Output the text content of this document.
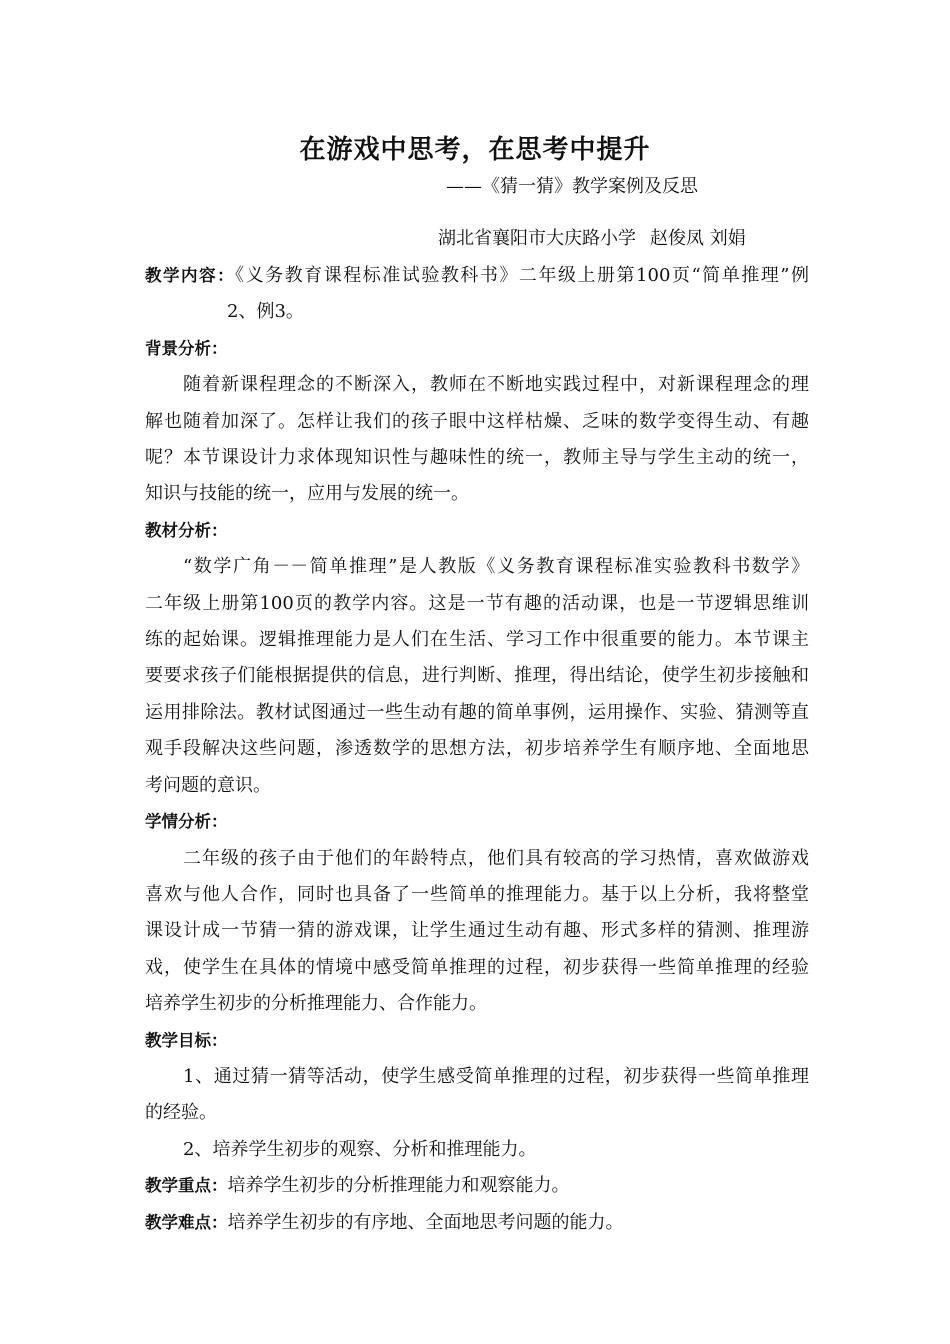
在游戏中思考，在思考中提升
——《猜一猜》教学案例及反思
湖北省襄阳市大庆路小学 赵俊凤 刘娟
教学内容：《义务教育课程标准试验教科书》二年级上册第100页“简单推理”例
2、例3。
背景分析：

随着新课程理念的不断深入，教师在不断地实践过程中，对新课程理念的理

解也随着加深了。怎样让我们的孩子眼中这样枯燥、乏味的数学变得生动、有趣

呢？本节课设计力求体现知识性与趣味性的统一，教师主导与学生主动的统一，

知识与技能的统一，应用与发展的统一。

教材分析：

“数学广角－－简单推理”是人教版《义务教育课程标准实验教科书数学》

二年级上册第100页的教学内容。这是一节有趣的活动课，也是一节逻辑思维训

练的起始课。逻辑推理能力是人们在生活、学习工作中很重要的能力。本节课主

要要求孩子们能根据提供的信息，进行判断、推理，得出结论，使学生初步接触和

运用排除法。教材试图通过一些生动有趣的简单事例，运用操作、实验、猜测等直

观手段解决这些问题，渗透数学的思想方法，初步培养学生有顺序地、全面地思

考问题的意识。

学情分析：

二年级的孩子由于他们的年龄特点，他们具有较高的学习热情，喜欢做游戏

喜欢与他人合作，同时也具备了一些简单的推理能力。基于以上分析，我将整堂

课设计成一节猜一猜的游戏课，让学生通过生动有趣、形式多样的猜测、推理游

戏，使学生在具体的情境中感受简单推理的过程，初步获得一些简单推理的经验

培养学生初步的分析推理能力、合作能力。

教学目标：

1、通过猜一猜等活动，使学生感受简单推理的过程，初步获得一些简单推理

的经验。

2、培养学生初步的观察、分析和推理能力。

教学重点：培养学生初步的分析推理能力和观察能力。
教学难点：培养学生初步的有序地、全面地思考问题的能力。
